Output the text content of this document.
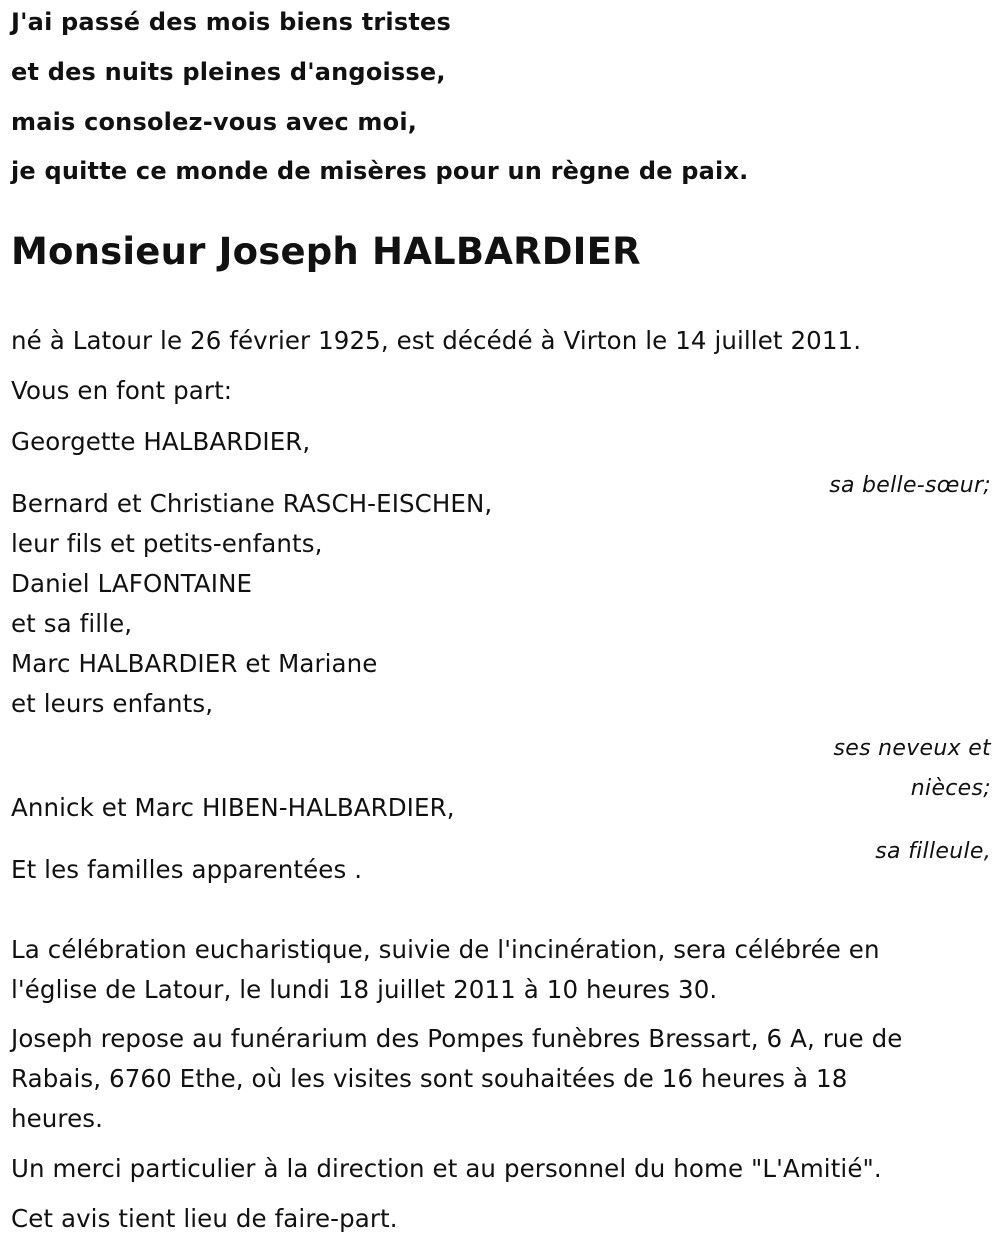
J'ai passé des mois biens tristes

et des nuits pleines d'angoisse,

mais consolez-vous avec moi,

je quitte ce monde de misères pour un règne de paix.

Monsieur Joseph HALBARDIER

né à Latour le 26 février 1925, est décédé à Virton le 14 juillet 2011.

Vous en font part:

Georgette HALBARDIER,

sa belle-sœur;

Bernard et Christiane RASCH-EISCHEN,

leur fils et petits-enfants,

Daniel LAFONTAINE

et sa fille,

Marc HALBARDIER et Mariane

et leurs enfants,

ses neveux et

nièces;

Annick et Marc HIBEN-HALBARDIER,

sa filleule,

Et les familles apparentées .

La célébration eucharistique, suivie de l'incinération, sera célébrée en

l'église de Latour, le lundi 18 juillet 2011 à 10 heures 30.

Joseph repose au funérarium des Pompes funèbres Bressart, 6 A, rue de

Rabais, 6760 Ethe, où les visites sont souhaitées de 16 heures à 18

heures.

Un merci particulier à la direction et au personnel du home "L'Amitié".

Cet avis tient lieu de faire-part.
